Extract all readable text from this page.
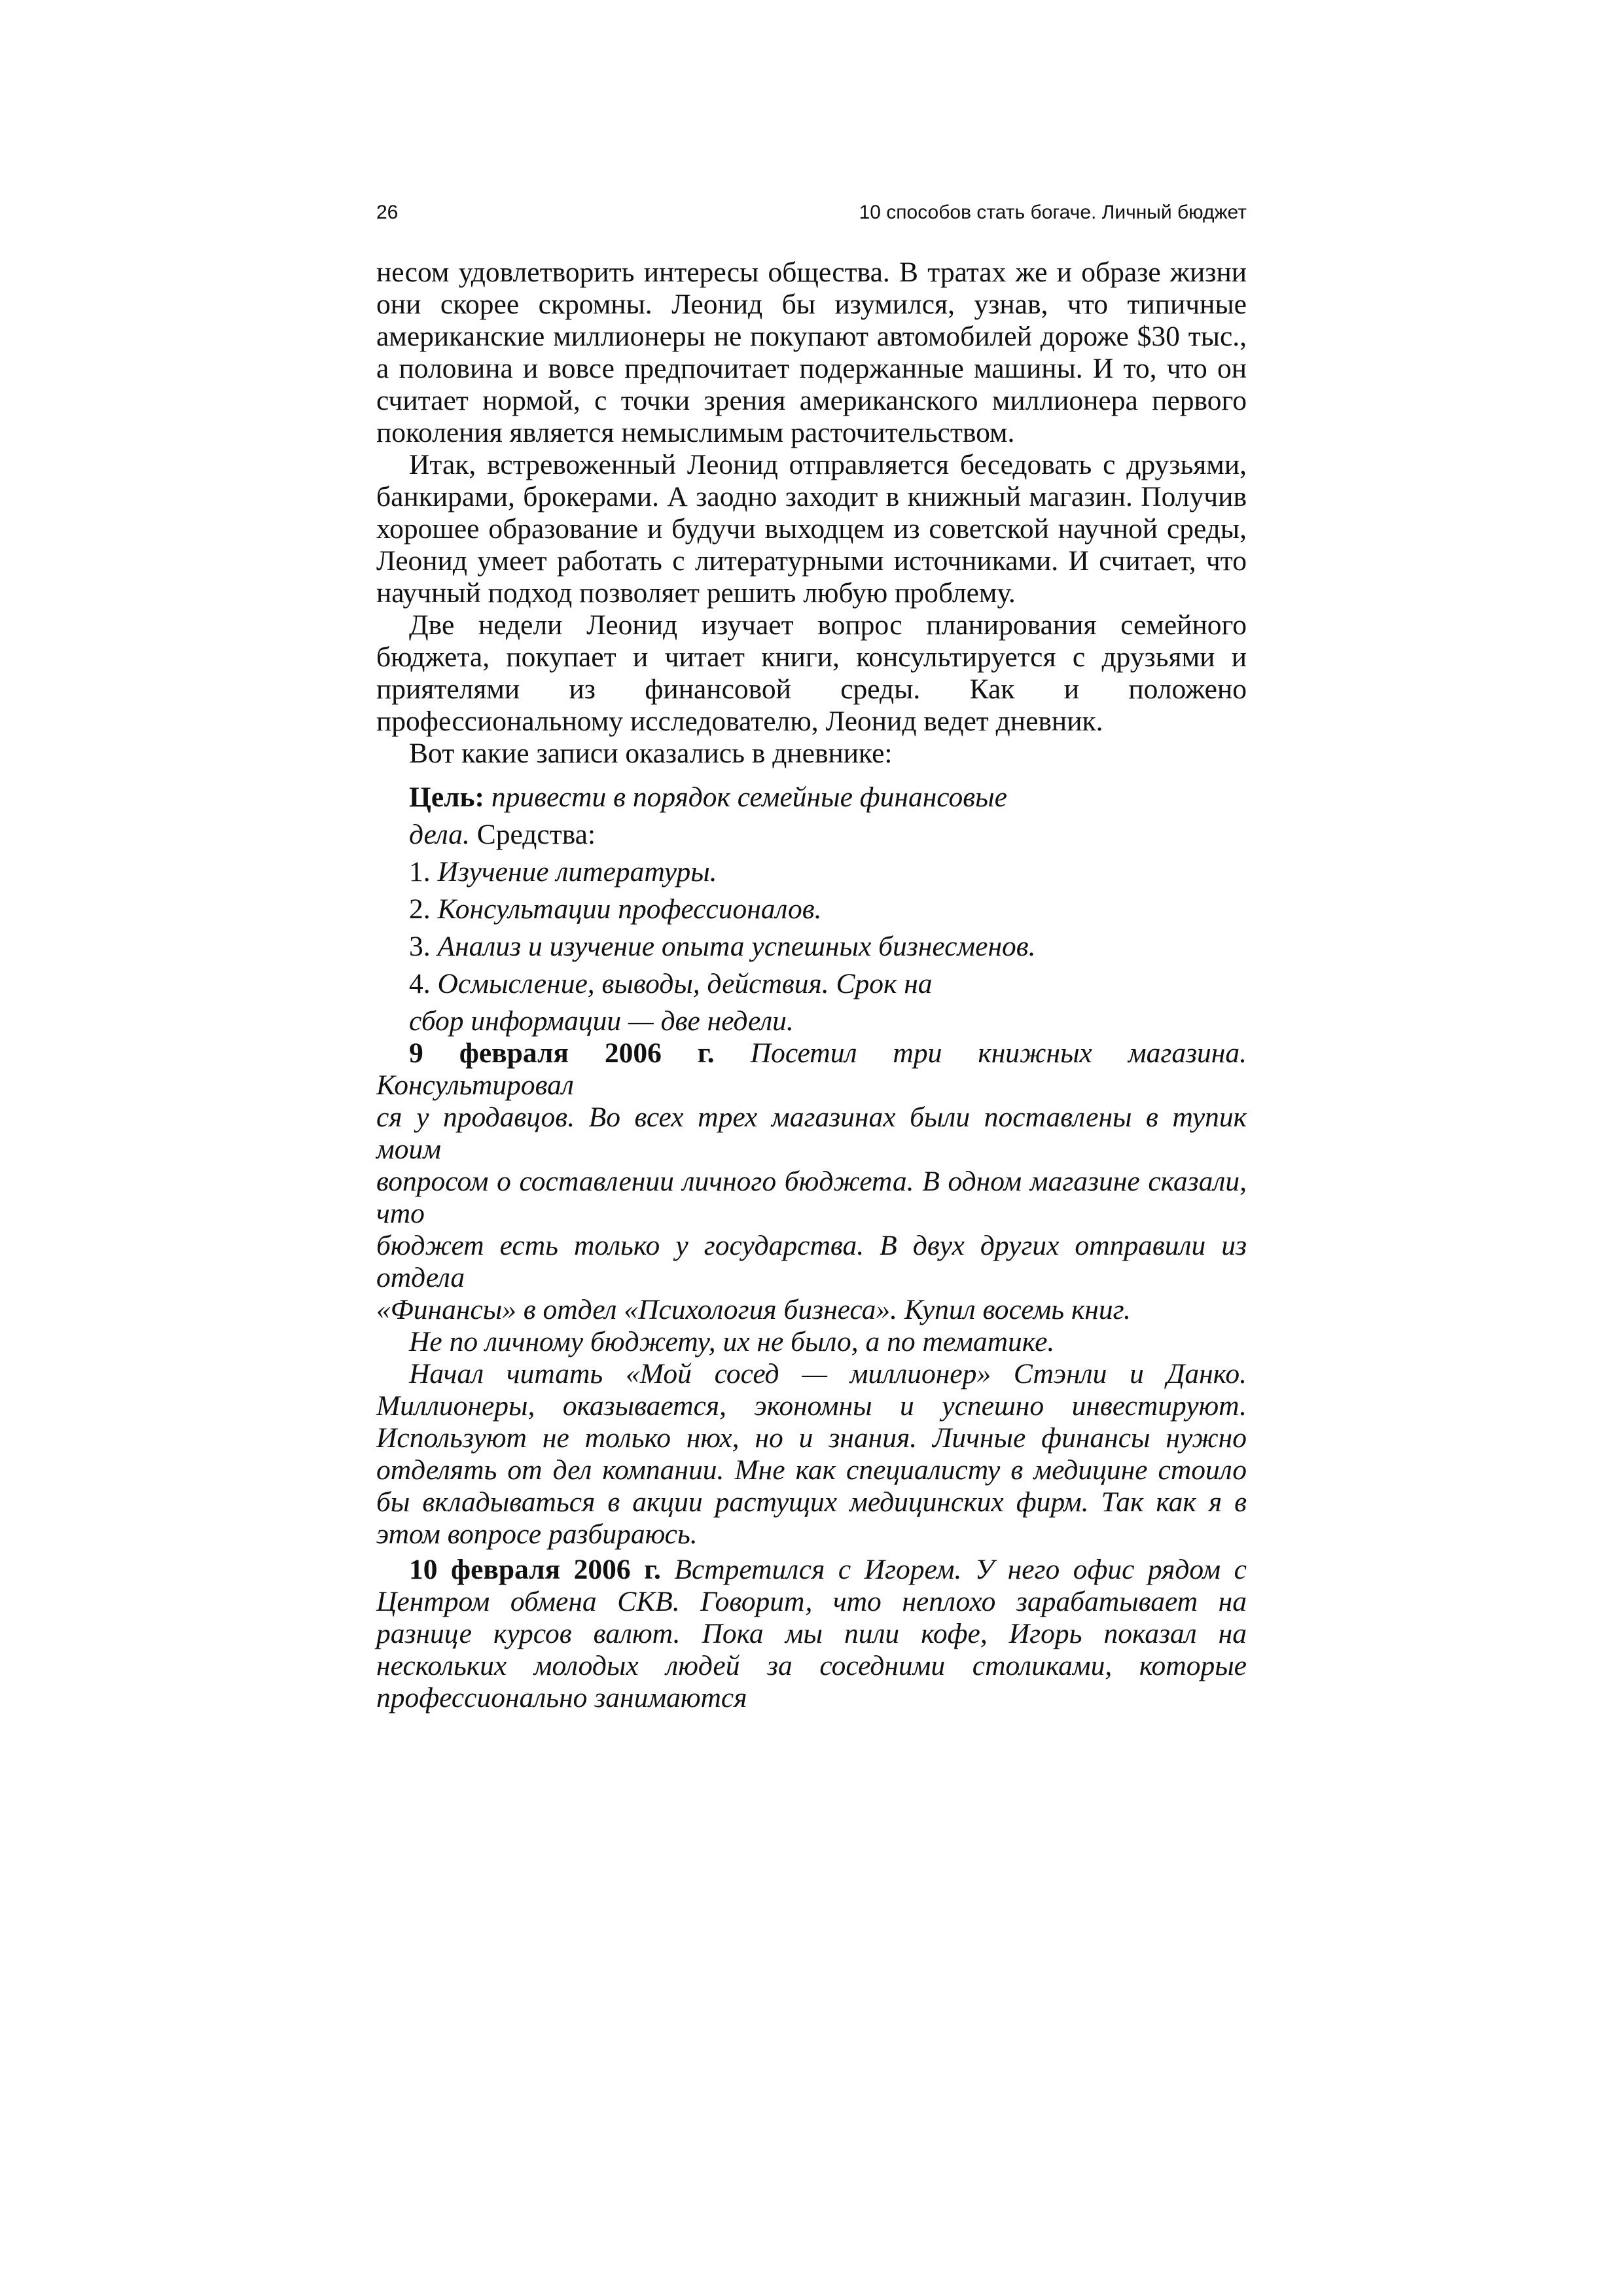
26	10 способов стать богаче. Личный бюджет

несом удовлетворить интересы общества. В тратах же и образе жизни они скорее скромны. Леонид бы изумился, узнав, что типичные американские миллионеры не покупают автомобилей дороже $30 тыс., а половина и вовсе предпочитает подержанные машины. И то, что он считает нормой, с точки зрения американского миллионера первого поколения является немыслимым расточительством.

Итак, встревоженный Леонид отправляется беседовать с друзьями, банкирами, брокерами. А заодно заходит в книжный магазин. Получив хорошее образование и будучи выходцем из советской научной среды, Леонид умеет работать с литературными источниками. И считает, что научный подход позволяет решить любую проблему.

Две недели Леонид изучает вопрос планирования семейного бюджета, покупает и читает книги, консультируется с друзьями и приятелями из финансовой среды. Как и положено профессиональному исследователю, Леонид ведет дневник.

Вот какие записи оказались в дневнике:

Цель: привести в порядок семейные финансовые

дела. Средства:

1. Изучение литературы.

2. Консультации профессионалов.

3. Анализ и изучение опыта успешных бизнесменов.

4. Осмысление, выводы, действия. Срок на

сбор информации — две недели.

9 февраля 2006 г. Посетил три книжных магазина. Консультировал

ся у продавцов. Во всех трех магазинах были поставлены в тупик моим

вопросом о составлении личного бюджета. В одном магазине сказали, что

бюджет есть только у государства. В двух других отправили из отдела

«Финансы» в отдел «Психология бизнеса». Купил восемь книг.

Не по личному бюджету, их не было, а по тематике.

Начал читать «Мой сосед — миллионер» Стэнли и Данко. Миллионеры, оказывается, экономны и успешно инвестируют. Используют не только нюх, но и знания. Личные финансы нужно отделять от дел компании. Мне как специалисту в медицине стоило бы вкладываться в акции растущих медицинских фирм. Так как я в этом вопросе разбираюсь.

10 февраля 2006 г. Встретился с Игорем. У него офис рядом с Центром обмена СКВ. Говорит, что неплохо зарабатывает на разнице курсов валют. Пока мы пили кофе, Игорь показал на нескольких молодых людей за соседними столиками, которые профессионально занимаются
